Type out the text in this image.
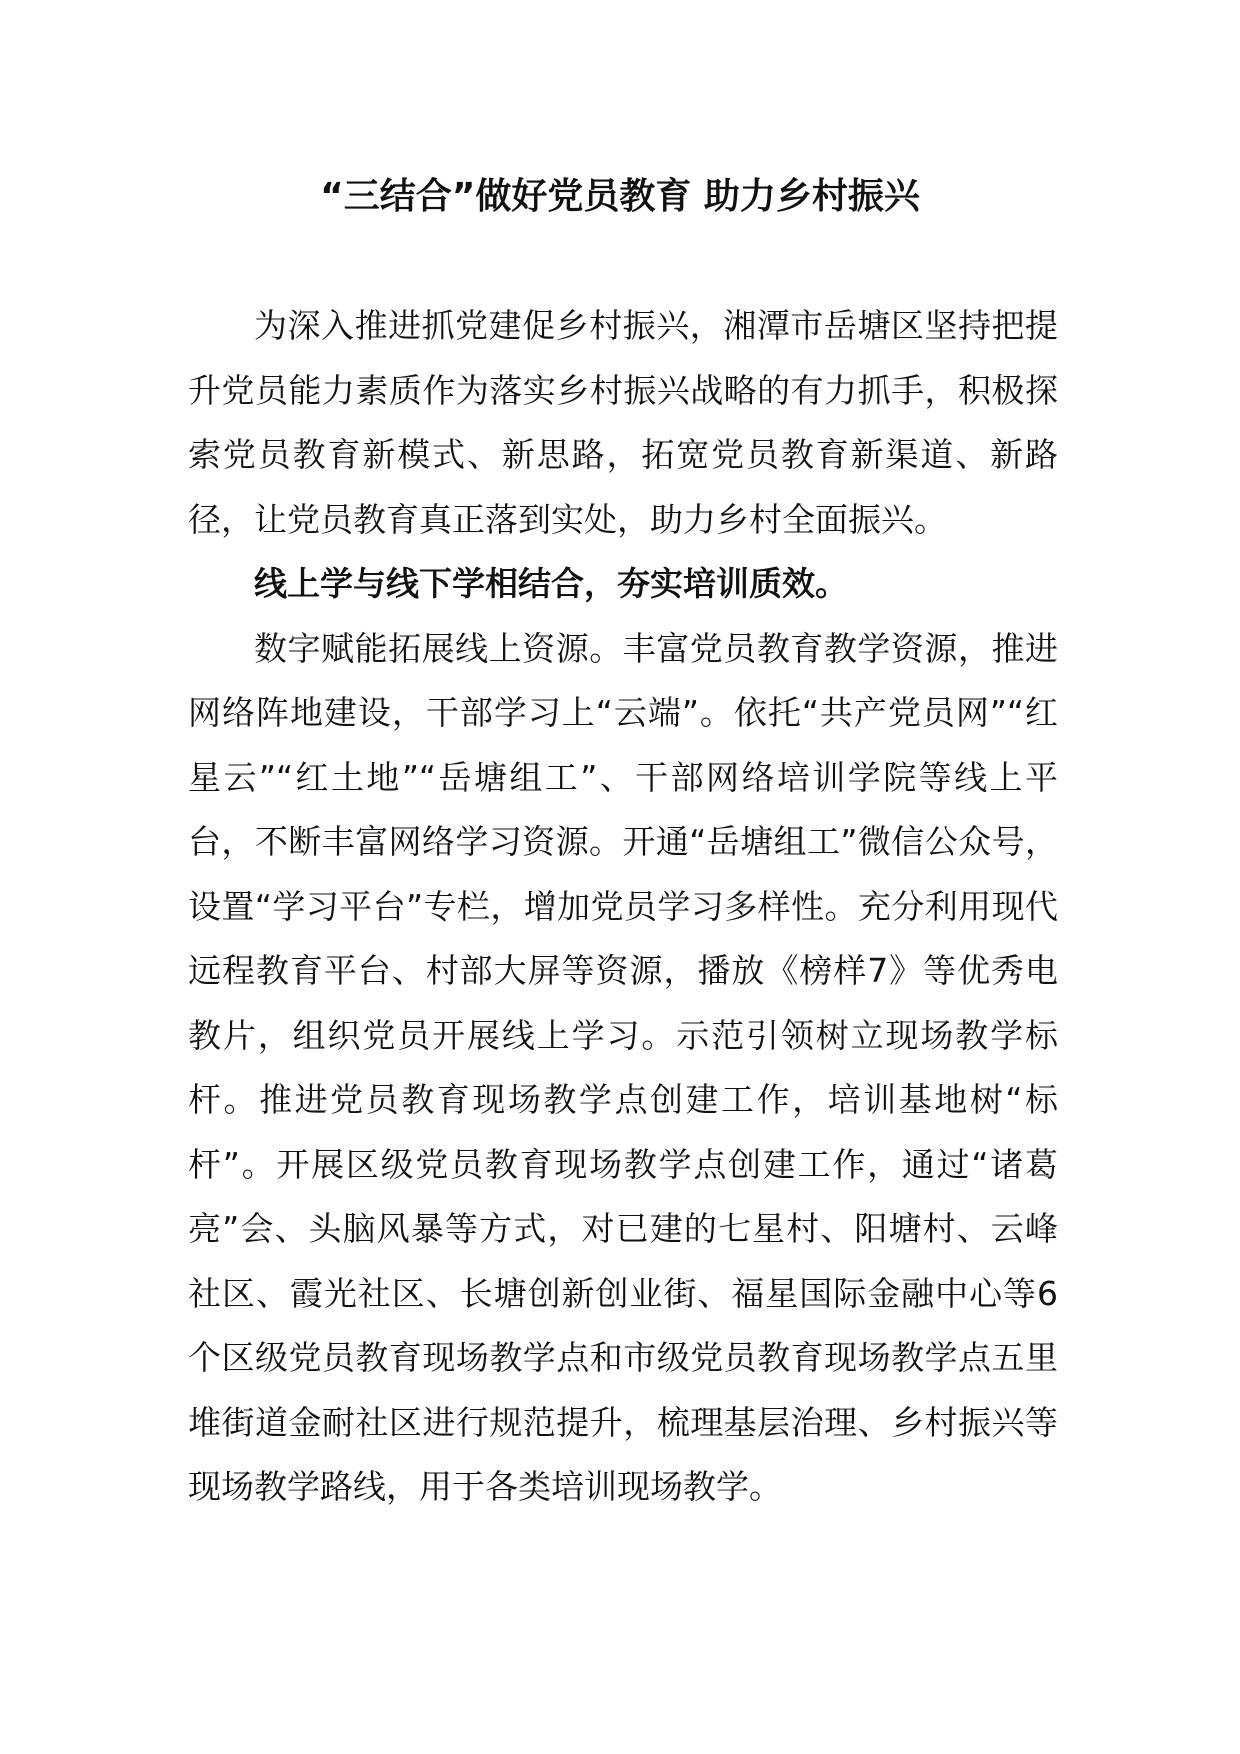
“三结合”做好党员教育 助力乡村振兴

为深入推进抓党建促乡村振兴，湘潭市岳塘区坚持把提升党员能力素质作为落实乡村振兴战略的有力抓手，积极探索党员教育新模式、新思路，拓宽党员教育新渠道、新路径，让党员教育真正落到实处，助力乡村全面振兴。

线上学与线下学相结合，夯实培训质效。

数字赋能拓展线上资源。丰富党员教育教学资源，推进网络阵地建设，干部学习上“云端”。依托“共产党员网”“红星云”“红土地”“岳塘组工”、干部网络培训学院等线上平台，不断丰富网络学习资源。开通“岳塘组工”微信公众号，设置“学习平台”专栏，增加党员学习多样性。充分利用现代远程教育平台、村部大屏等资源，播放《榜样7》等优秀电教片，组织党员开展线上学习。示范引领树立现场教学标杆。推进党员教育现场教学点创建工作，培训基地树“标杆”。开展区级党员教育现场教学点创建工作，通过“诸葛亮”会、头脑风暴等方式，对已建的七星村、阳塘村、云峰社区、霞光社区、长塘创新创业街、福星国际金融中心等6个区级党员教育现场教学点和市级党员教育现场教学点五里堆街道金耐社区进行规范提升，梳理基层治理、乡村振兴等现场教学路线，用于各类培训现场教学。
